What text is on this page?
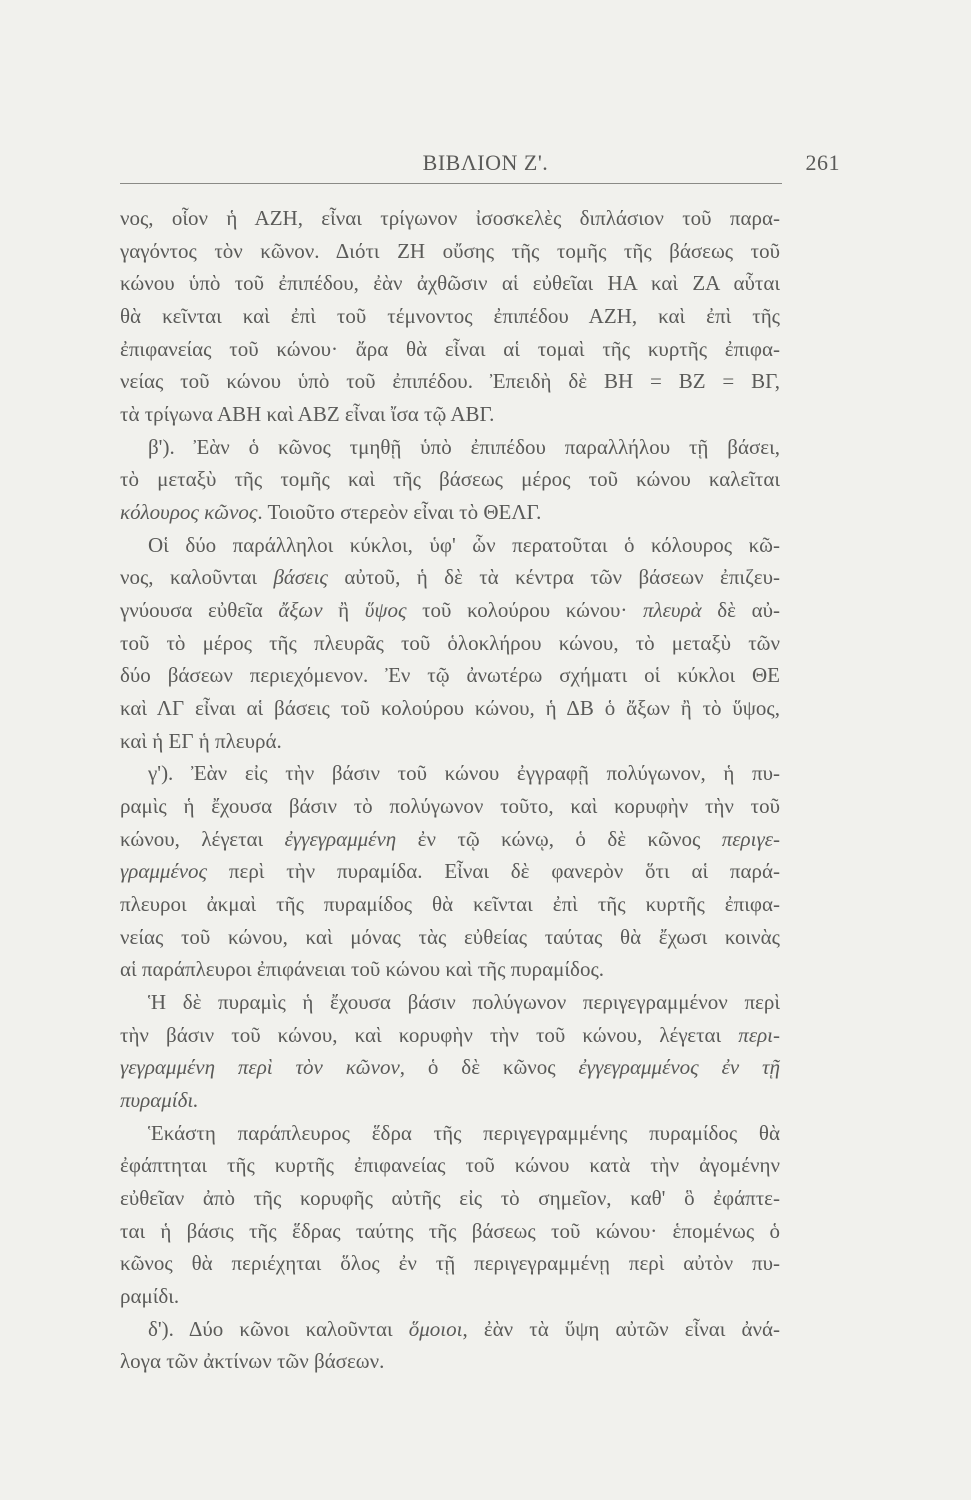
ΒΙΒΛΙΟΝ Ζ'.	261
νος, οἷον ἡ ΑΖΗ, εἶναι τρίγωνον ἰσοσκελὲς διπλάσιον τοῦ παρα-
γαγόντος τὸν κῶνον. Διότι ΖΗ οὔσης τῆς τομῆς τῆς βάσεως τοῦ
κώνου ὑπὸ τοῦ ἐπιπέδου, ἐὰν ἀχθῶσιν αἱ εὐθεῖαι ΗΑ καὶ ΖΑ αὗται
θὰ κεῖνται καὶ ἐπὶ τοῦ τέμνοντος ἐπιπέδου ΑΖΗ, καὶ ἐπὶ τῆς
ἐπιφανείας τοῦ κώνου· ἄρα θὰ εἶναι αἱ τομαὶ τῆς κυρτῆς ἐπιφα-
νείας τοῦ κώνου ὑπὸ τοῦ ἐπιπέδου. Ἐπειδὴ δὲ ΒΗ = ΒΖ = ΒΓ,
τὰ τρίγωνα ΑΒΗ καὶ ΑΒΖ εἶναι ἴσα τῷ ΑΒΓ.
β'). Ἐὰν ὁ κῶνος τμηθῇ ὑπὸ ἐπιπέδου παραλλήλου τῇ βάσει,
τὸ μεταξὺ τῆς τομῆς καὶ τῆς βάσεως μέρος τοῦ κώνου καλεῖται
κόλουρος κῶνος. Τοιοῦτο στερεὸν εἶναι τὸ ΘΕΛΓ.
Οἱ δύο παράλληλοι κύκλοι, ὑφ' ὧν περατοῦται ὁ κόλουρος κῶ-
νος, καλοῦνται βάσεις αὐτοῦ, ἡ δὲ τὰ κέντρα τῶν βάσεων ἐπιζευ-
γνύουσα εὐθεῖα ἄξων ἢ ὕψος τοῦ κολούρου κώνου· πλευρὰ δὲ αὐ-
τοῦ τὸ μέρος τῆς πλευρᾶς τοῦ ὁλοκλήρου κώνου, τὸ μεταξὺ τῶν
δύο βάσεων περιεχόμενον. Ἐν τῷ ἀνωτέρω σχήματι οἱ κύκλοι ΘΕ
καὶ ΛΓ εἶναι αἱ βάσεις τοῦ κολούρου κώνου, ἡ ΔΒ ὁ ἄξων ἢ τὸ ὕψος,
καὶ ἡ ΕΓ ἡ πλευρά.
γ'). Ἐὰν εἰς τὴν βάσιν τοῦ κώνου ἐγγραφῇ πολύγωνον, ἡ πυ-
ραμὶς ἡ ἔχουσα βάσιν τὸ πολύγωνον τοῦτο, καὶ κορυφὴν τὴν τοῦ
κώνου, λέγεται ἐγγεγραμμένη ἐν τῷ κώνῳ, ὁ δὲ κῶνος περιγε-
γραμμένος περὶ τὴν πυραμίδα. Εἶναι δὲ φανερὸν ὅτι αἱ παρά-
πλευροι ἀκμαὶ τῆς πυραμίδος θὰ κεῖνται ἐπὶ τῆς κυρτῆς ἐπιφα-
νείας τοῦ κώνου, καὶ μόνας τὰς εὐθείας ταύτας θὰ ἔχωσι κοινὰς
αἱ παράπλευροι ἐπιφάνειαι τοῦ κώνου καὶ τῆς πυραμίδος.
Ἡ δὲ πυραμὶς ἡ ἔχουσα βάσιν πολύγωνον περιγεγραμμένον περὶ
τὴν βάσιν τοῦ κώνου, καὶ κορυφὴν τὴν τοῦ κώνου, λέγεται περι-
γεγραμμένη περὶ τὸν κῶνον, ὁ δὲ κῶνος ἐγγεγραμμένος ἐν τῇ
πυραμίδι.
Ἑκάστη παράπλευρος ἕδρα τῆς περιγεγραμμένης πυραμίδος θὰ
ἐφάπτηται τῆς κυρτῆς ἐπιφανείας τοῦ κώνου κατὰ τὴν ἀγομένην
εὐθεῖαν ἀπὸ τῆς κορυφῆς αὐτῆς εἰς τὸ σημεῖον, καθ' ὃ ἐφάπτε-
ται ἡ βάσις τῆς ἕδρας ταύτης τῆς βάσεως τοῦ κώνου· ἑπομένως ὁ
κῶνος θὰ περιέχηται ὅλος ἐν τῇ περιγεγραμμένῃ περὶ αὐτὸν πυ-
ραμίδι.
δ'). Δύο κῶνοι καλοῦνται ὅμοιοι, ἐὰν τὰ ὕψη αὐτῶν εἶναι ἀνά-
λογα τῶν ἀκτίνων τῶν βάσεων.
